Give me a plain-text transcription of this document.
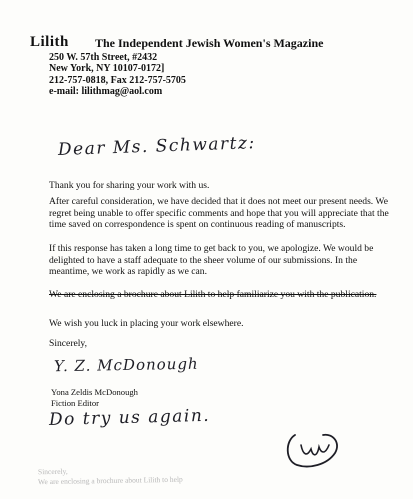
Lilith The Independent Jewish Women's Magazine
250 W. 57th Street, #2432
New York, NY 10107-0172]
212-757-0818, Fax 212-757-5705
e-mail: lilithmag@aol.com
Dear Ms. Schwartz:
Thank you for sharing your work with us.
After careful consideration, we have decided that it does not meet our present needs. We regret being unable to offer specific comments and hope that you will appreciate that the time saved on correspondence is spent on continuous reading of manuscripts.
If this response has taken a long time to get back to you, we apologize. We would be delighted to have a staff adequate to the sheer volume of our submissions. In the meantime, we work as rapidly as we can.
We are enclosing a brochure about Lilith to help familiarize you with the publication.
We wish you luck in placing your work elsewhere.
Sincerely,
Y. Z. McDonough
Yona Zeldis McDonough
Fiction Editor
Do try us again.
Sincerely,
We are enclosing a brochure about Lilith to help
